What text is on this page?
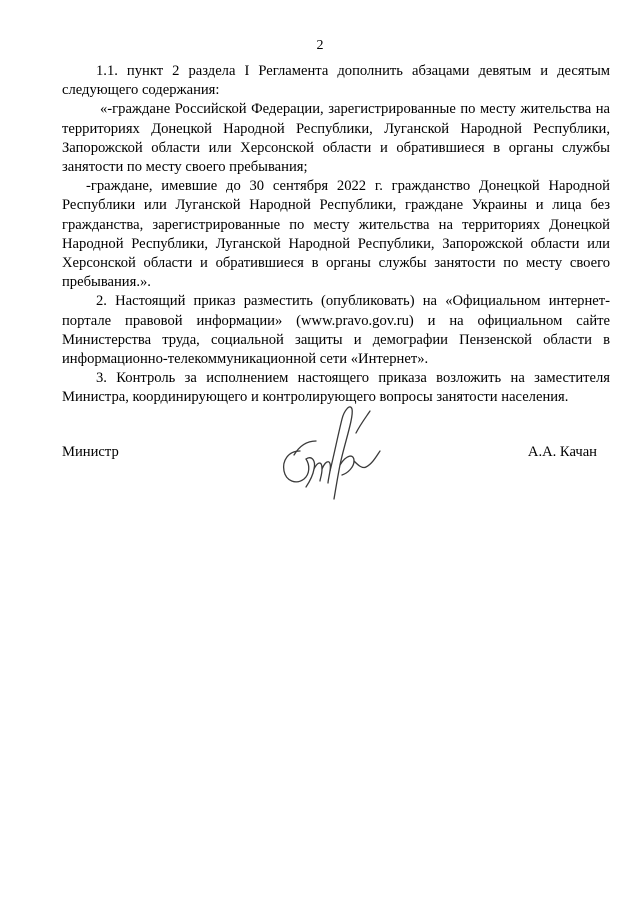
2

1.1. пункт 2 раздела I Регламента дополнить абзацами девятым и десятым следующего содержания:

«-граждане Российской Федерации, зарегистрированные по месту жительства на территориях Донецкой Народной Республики, Луганской Народной Республики, Запорожской области или Херсонской области и обратившиеся в органы службы занятости по месту своего пребывания;

-граждане, имевшие до 30 сентября 2022 г. гражданство Донецкой Народной Республики или Луганской Народной Республики, граждане Украины и лица без гражданства, зарегистрированные по месту жительства на территориях Донецкой Народной Республики, Луганской Народной Республики, Запорожской области или Херсонской области и обратившиеся в органы службы занятости по месту своего пребывания.».

2. Настоящий приказ разместить (опубликовать) на «Официальном интернет-портале правовой информации» (www.pravo.gov.ru) и на официальном сайте Министерства труда, социальной защиты и демографии Пензенской области в информационно-телекоммуникационной сети «Интернет».

3. Контроль за исполнением настоящего приказа возложить на заместителя Министра, координирующего и контролирующего вопросы занятости населения.

Министр	А.А. Качан
